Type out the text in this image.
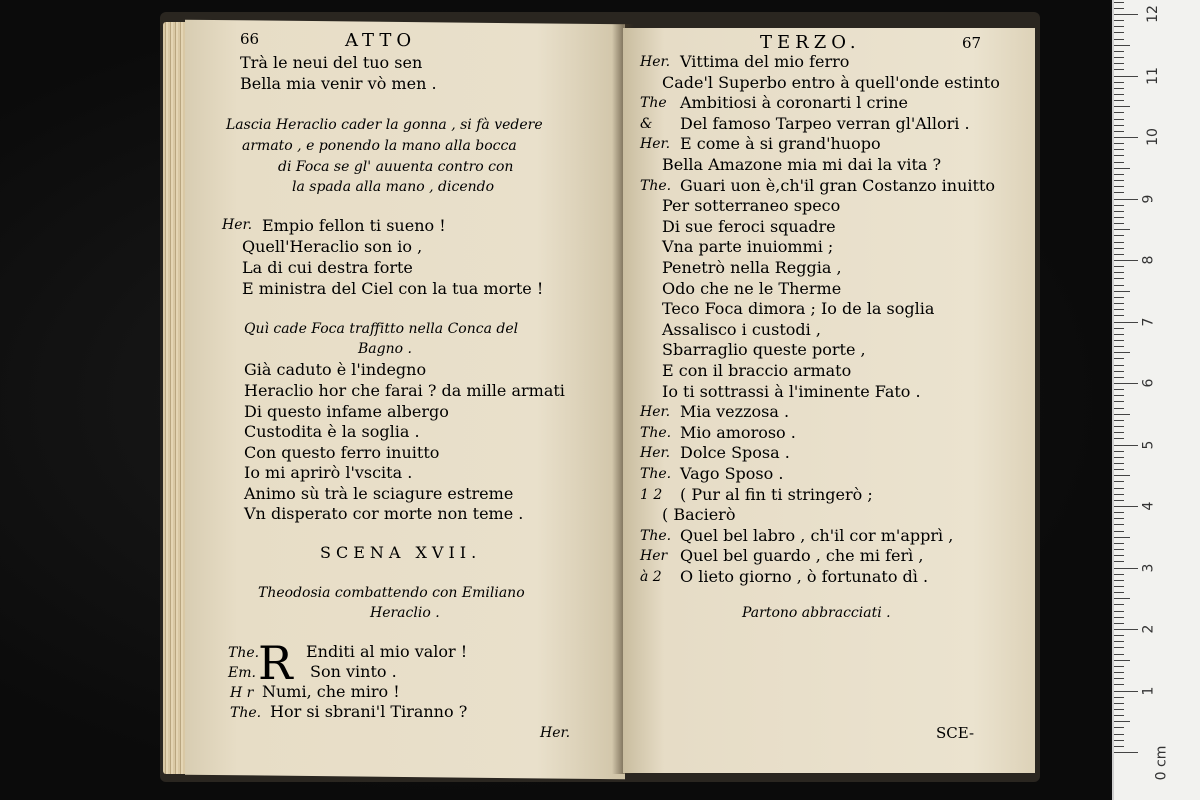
66	ATTO
Trà le neui del tuo sen
Bella mia venir vò men .
Lascia Heraclio cader la gonna , si fà vedere
armato , e ponendo la mano alla bocca
di Foca se gl' auuenta contro con
la spada alla mano , dicendo
Her. Empio fellon ti sueno !
Quell'Heraclio son io ,
La di cui destra forte
E ministra del Ciel con la tua morte !
Quì cade Foca traffitto nella Conca del
Bagno .
Già caduto è l'indegno
Heraclio hor che farai ? da mille armati
Di questo infame albergo
Custodita è la soglia .
Con questo ferro inuitto
Io mi aprirò l'vscita .
Animo sù trà le sciagure estreme
Vn disperato cor morte non teme .
SCENA XVII.
Theodosia combattendo con Emiliano
Heraclio .
R
The.	Enditi al mio valor !
Em.	Son vinto .
H r Numi, che miro !
The. Hor si sbrani'l Tiranno ?
Her.
TERZO.	67
Her. Vittima del mio ferro
Cade'l Superbo entro à quell'onde estinto
The Ambitiosi à coronarti l crine
& Del famoso Tarpeo verran gl'Allori .
Her. E come à si grand'huopo
Bella Amazone mia mi dai la vita ?
The. Guari uon è,ch'il gran Costanzo inuitto
Per sotterraneo speco
Di sue feroci squadre
Vna parte inuiommi ;
Penetrò nella Reggia ,
Odo che ne le Therme
Teco Foca dimora ; Io de la soglia
Assalisco i custodi ,
Sbarraglio queste porte ,
E con il braccio armato
Io ti sottrassi à l'iminente Fato .
Her. Mia vezzosa .
The. Mio amoroso .
Her. Dolce Sposa .
The. Vago Sposo .
1 2 ( Pur al fin ti stringerò ;
( Bacierò
The. Quel bel labro , ch'il cor m'apprì ,
Her Quel bel guardo , che mi ferì ,
à 2 O lieto giorno , ò fortunato dì .
Partono abbracciati .
SCE-
1
2
3
4
5
6
7
8
9
10
11
12
0 cm
